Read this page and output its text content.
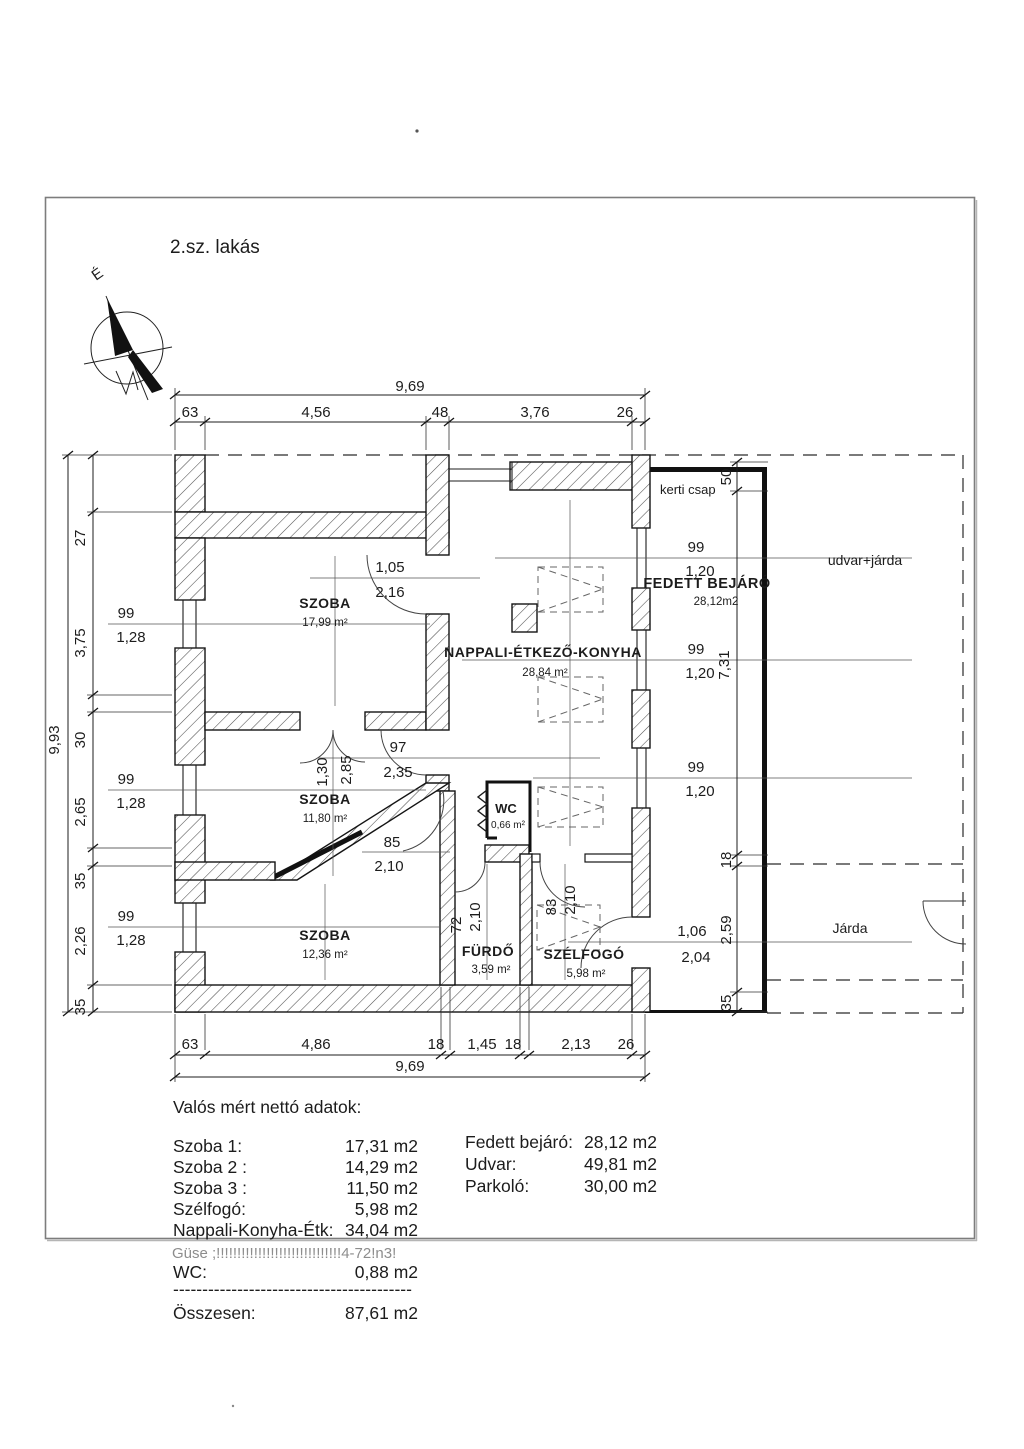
2.sz. lakás
É
9,69
63	4,56	48	3,76	26
63	4,86	18 1,45 18	2,13 26
9,69
9,93
27
3,75
30
2,65
35
2,26
35
50
7,31
18
2,59
35
99
1,28
99
1,28
99
1,28
99
1,20
99
1,20
99
1,20
1,06
2,04
1,05
2,16
97
2,35
1,30 2,85
85
2,10
72 2,10	83 2,10
SZOBA
17,99 m²
SZOBA
11,80 m²
SZOBA
12,36 m²
NAPPALI-ÉTKEZŐ-KONYHA
28,84 m²
WC
0,66 m²
FÜRDŐ
3,59 m²
SZÉLFOGÓ
5,98 m²
FEDETT BEJÁRÓ
28,12m2
kerti csap
udvar+járda
Járda
Valós mért nettó adatok:
Szoba 1:	17,31 m2
Szoba 2 :	14,29 m2
Szoba 3 :	11,50 m2
Szélfogó:	5,98 m2
Nappali-Konyha-Étk: 34,04 m2
Fedett bejáró: 28,12 m2
Udvar:	49,81 m2
Parkoló:	30,00 m2
Güse ;!!!!!!!!!!!!!!!!!!!!!!!!!!!!!!4-72!n3!
WC:	0,88 m2
-----------------------------------------
Összesen:	87,61 m2
